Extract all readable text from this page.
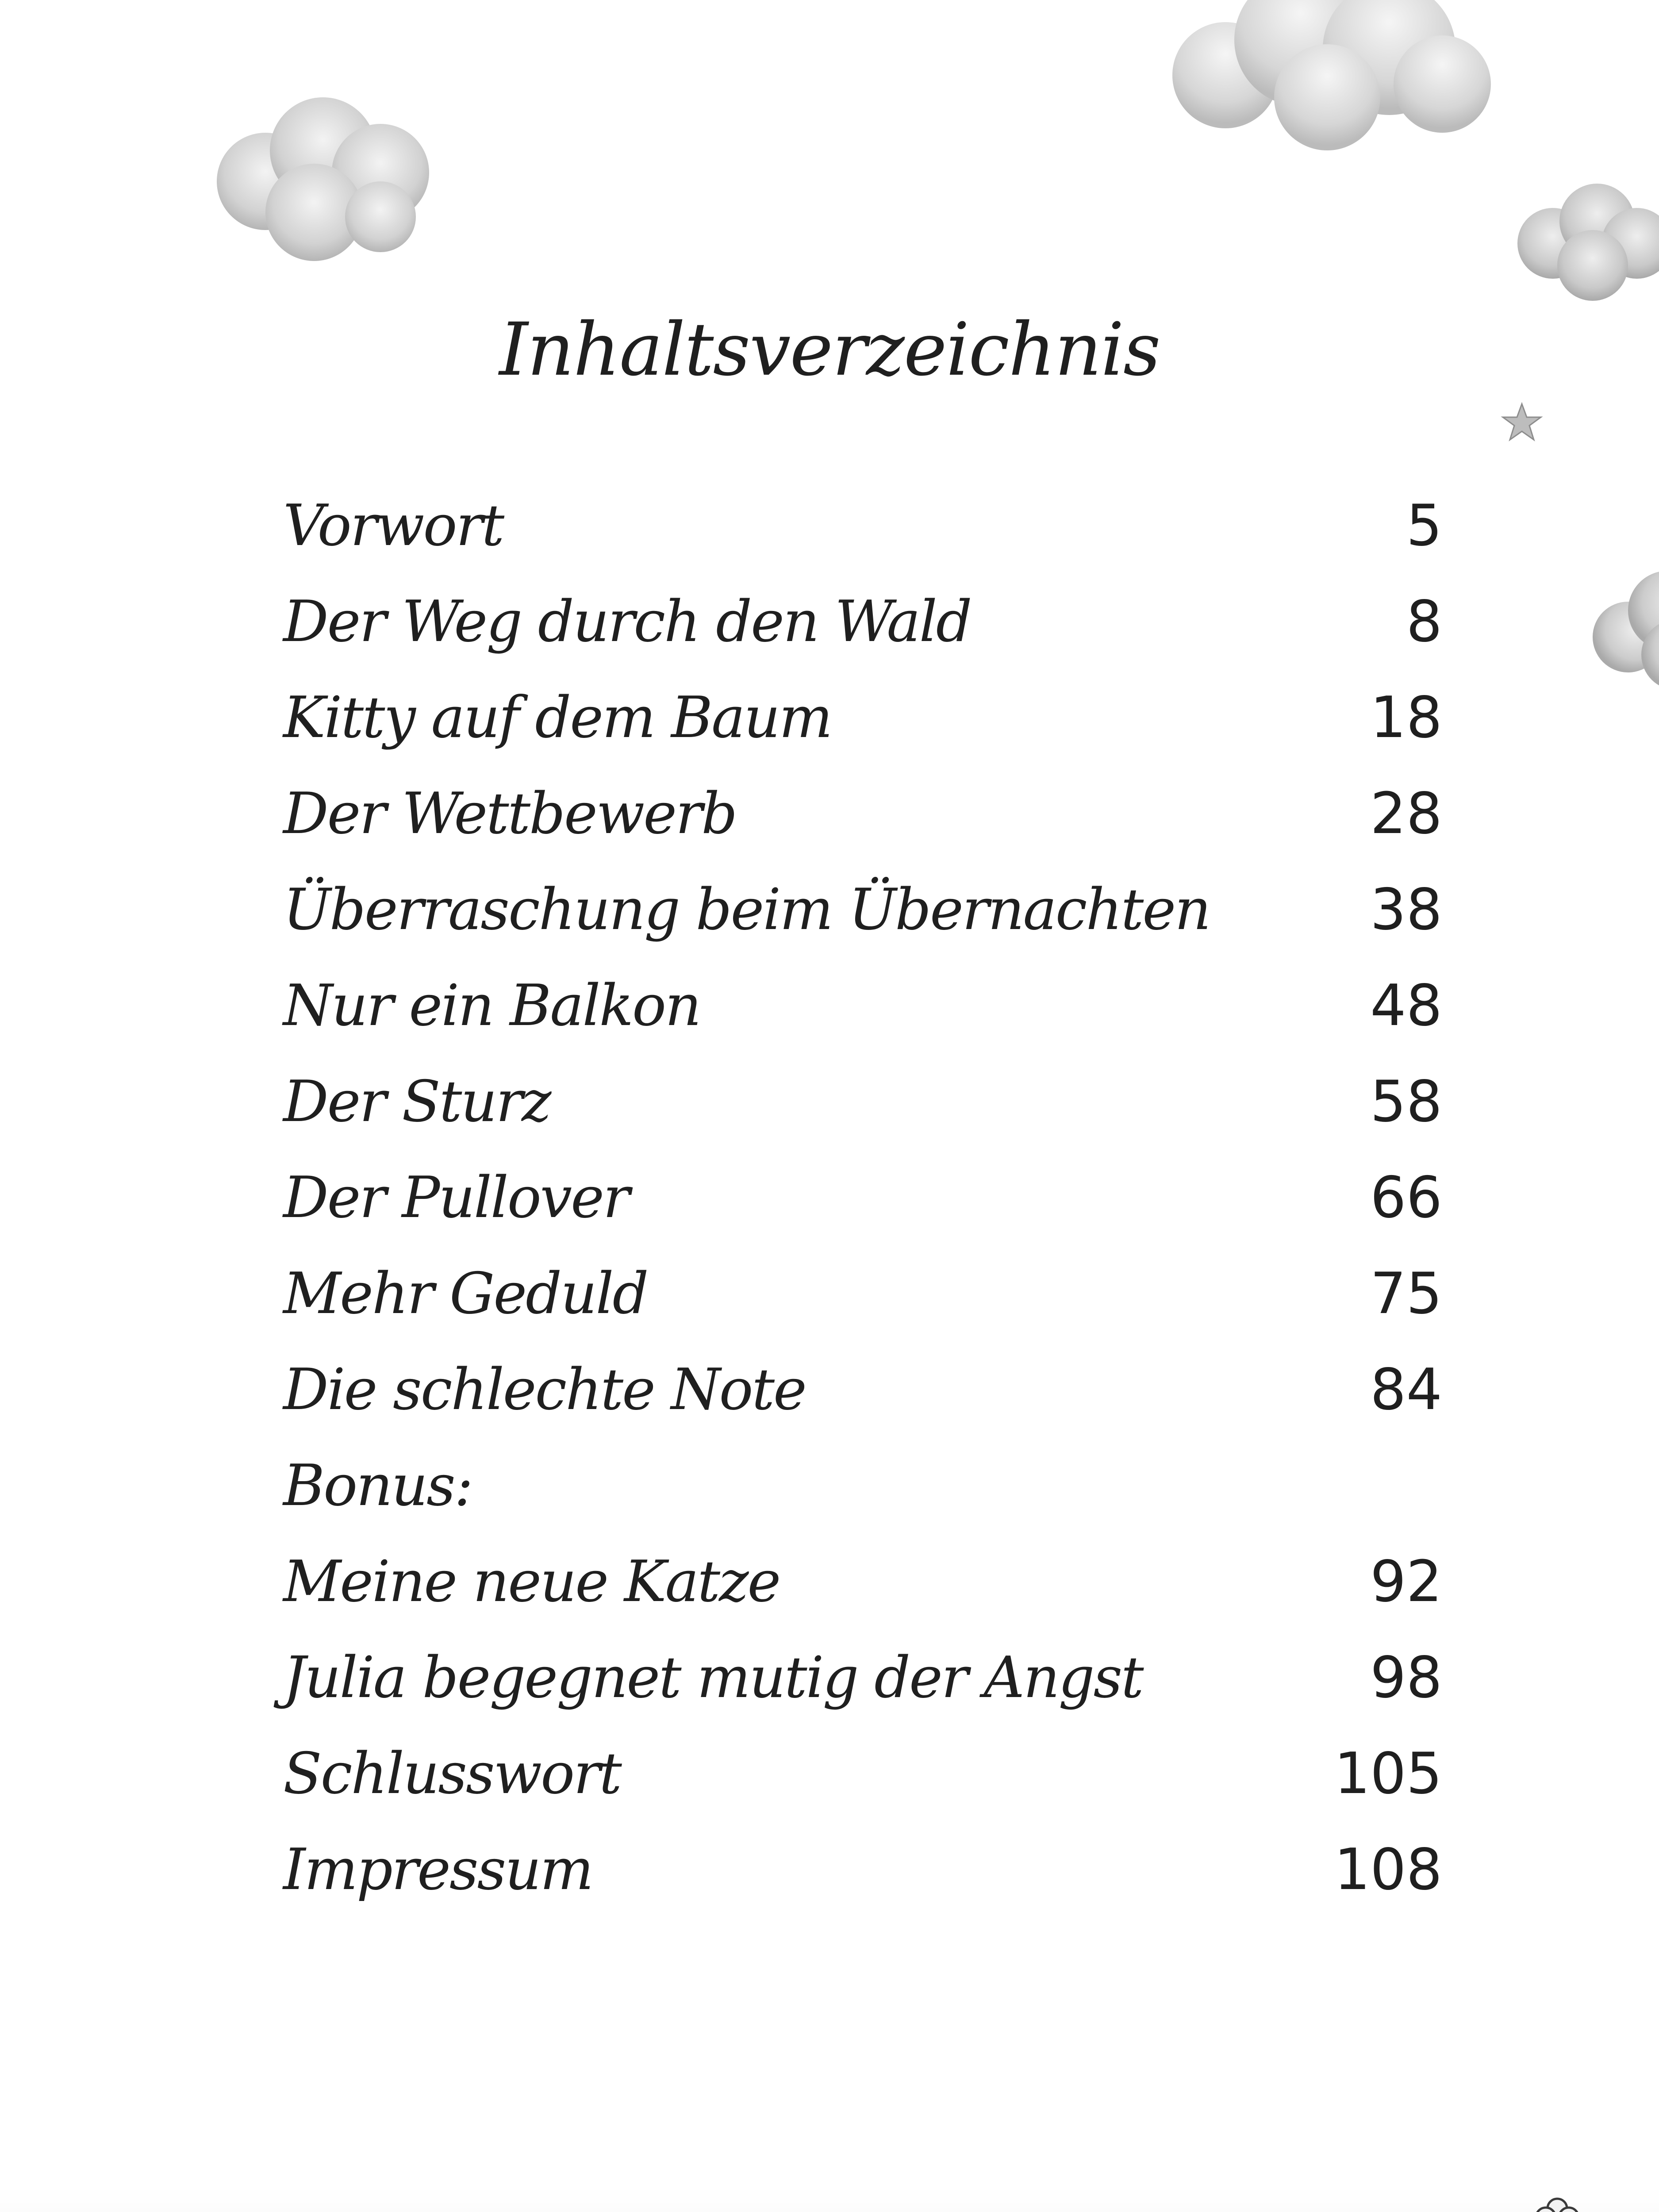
Inhaltsverzeichnis
Vorwort	5
Der Weg durch den Wald	8
Kitty auf dem Baum	18
Der Wettbewerb	28
Überraschung beim Übernachten	38
Nur ein Balkon	48
Der Sturz	58
Der Pullover	66
Mehr Geduld	75
Die schlechte Note	84
Bonus:
Meine neue Katze	92
Julia begegnet mutig der Angst	98
Schlusswort	105
Impressum	108
